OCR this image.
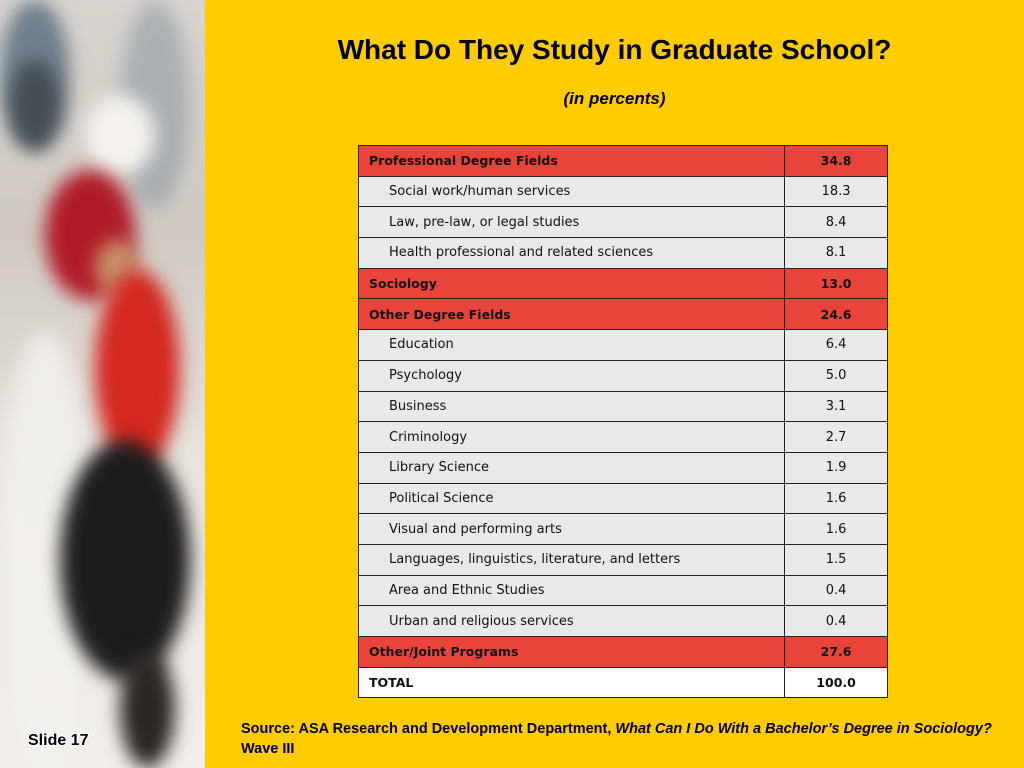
Slide 17
What Do They Study in Graduate School?
(in percents)
Professional Degree Fields	34.8
Social work/human services	18.3
Law, pre-law, or legal studies	8.4
Health professional and related sciences	8.1
Sociology	13.0
Other Degree Fields	24.6
Education	6.4
Psychology	5.0
Business	3.1
Criminology	2.7
Library Science	1.9
Political Science	1.6
Visual and performing arts	1.6
Languages, linguistics, literature, and letters	1.5
Area and Ethnic Studies	0.4
Urban and religious services	0.4
Other/Joint Programs	27.6
TOTAL	100.0
Source: ASA Research and Development Department, What Can I Do With a Bachelor’s Degree in Sociology? Wave III
